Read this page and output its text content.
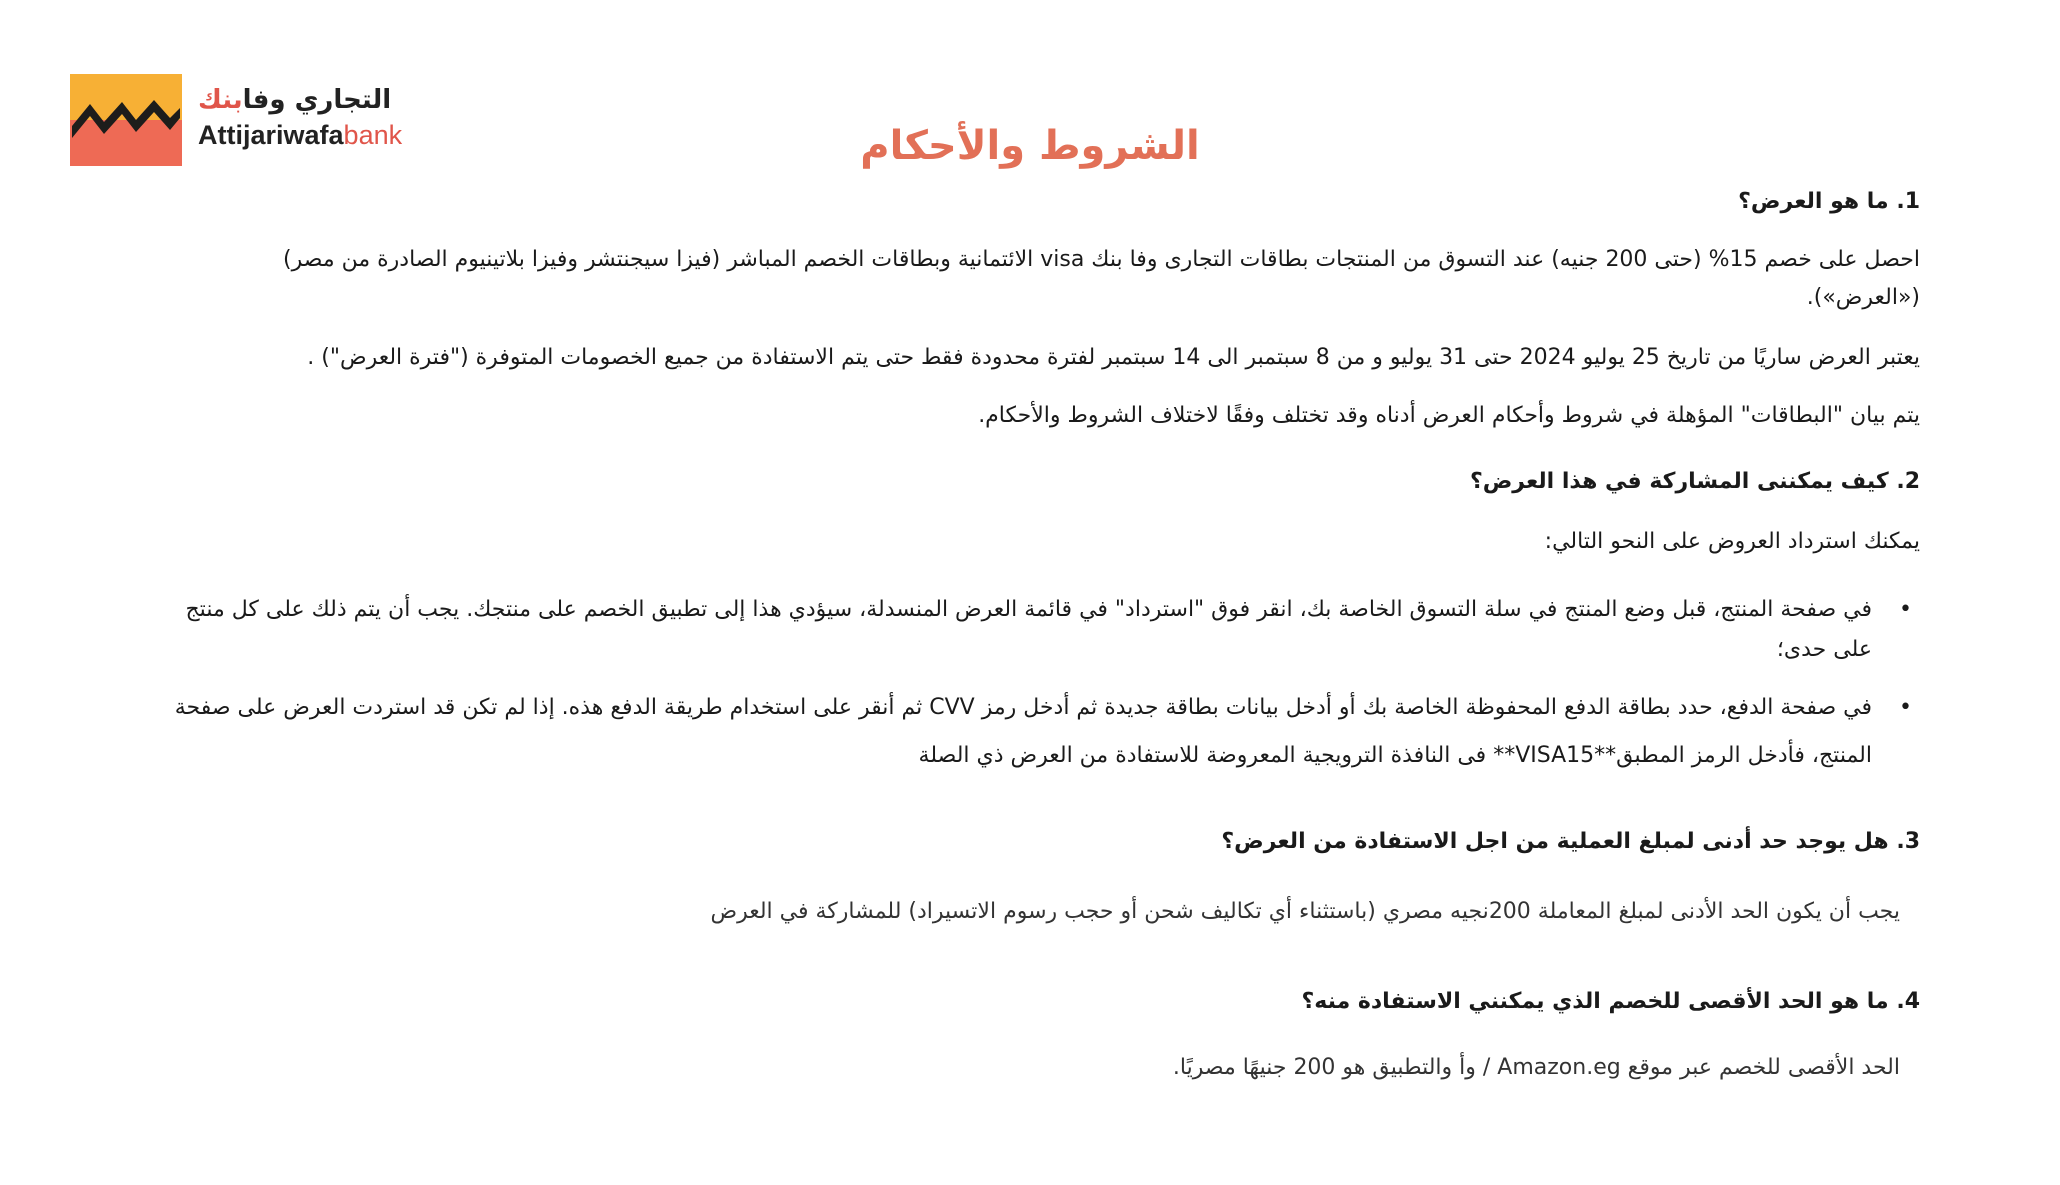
التجاري وفابنك
Attijariwafabank	الشروط والأحكام
1. ما هو العرض؟
احصل على خصم 15% (حتى 200 جنيه) عند التسوق من المنتجات بطاقات التجارى وفا بنك visa الائتمانية وبطاقات الخصم المباشر (فيزا سيجنتشر وفيزا بلاتينيوم الصادرة من مصر)
(«العرض»).
يعتبر العرض ساريًا من تاريخ 25 يوليو 2024 حتى 31 يوليو و من 8 سبتمبر الى 14 سبتمبر لفترة محدودة فقط حتى يتم الاستفادة من جميع الخصومات المتوفرة ("فترة العرض") .
يتم بيان "البطاقات" المؤهلة في شروط وأحكام العرض أدناه وقد تختلف وفقًا لاختلاف الشروط والأحكام.
2. كيف يمكننى المشاركة في هذا العرض؟
يمكنك استرداد العروض على النحو التالي:
•
في صفحة المنتج، قبل وضع المنتج في سلة التسوق الخاصة بك، انقر فوق "استرداد" في قائمة العرض المنسدلة، سيؤدي هذا إلى تطبيق الخصم على منتجك. يجب أن يتم ذلك على كل منتج على حدى؛
•
في صفحة الدفع، حدد بطاقة الدفع المحفوظة الخاصة بك أو أدخل بيانات بطاقة جديدة ثم أدخل رمز CVV ثم أنقر على استخدام طريقة الدفع هذه. إذا لم تكن قد استردت العرض على صفحة المنتج، فأدخل الرمز المطبق**VISA15** فى النافذة الترويجية المعروضة للاستفادة من العرض ذي الصلة
3. هل يوجد حد أدنى لمبلغ العملية من اجل الاستفادة من العرض؟
يجب أن يكون الحد الأدنى لمبلغ المعاملة 200نجيه مصري (باستثناء أي تكاليف شحن أو حجب رسوم الاتسيراد) للمشاركة في العرض
4. ما هو الحد الأقصى للخصم الذي يمكنني الاستفادة منه؟
الحد الأقصى للخصم عبر موقع Amazon.eg / وأ والتطبيق هو 200 جنيهًا مصريًا.
